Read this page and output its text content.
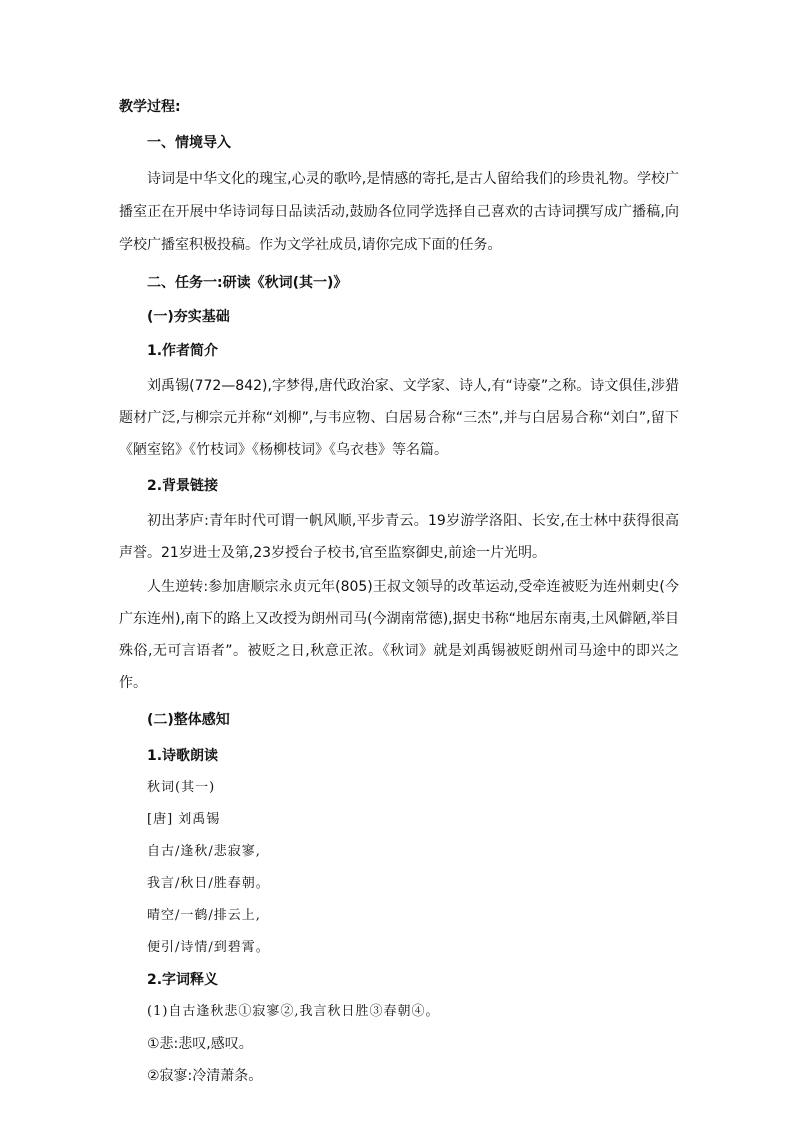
教学过程:

一、情境导入

诗词是中华文化的瑰宝,心灵的歌吟,是情感的寄托,是古人留给我们的珍贵礼物。学校广播室正在开展中华诗词每日品读活动,鼓励各位同学选择自己喜欢的古诗词撰写成广播稿,向学校广播室积极投稿。作为文学社成员,请你完成下面的任务。

二、任务一:研读《秋词(其一)》

(一)夯实基础

1.作者简介

刘禹锡(772—842),字梦得,唐代政治家、文学家、诗人,有“诗豪”之称。诗文俱佳,涉猎题材广泛,与柳宗元并称“刘柳”,与韦应物、白居易合称“三杰”,并与白居易合称“刘白”,留下《陋室铭》《竹枝词》《杨柳枝词》《乌衣巷》等名篇。

2.背景链接

初出茅庐:青年时代可谓一帆风顺,平步青云。19岁游学洛阳、长安,在士林中获得很高声誉。21岁进士及第,23岁授台子校书,官至监察御史,前途一片光明。

人生逆转:参加唐顺宗永贞元年(805)王叔文领导的改革运动,受牵连被贬为连州刺史(今广东连州),南下的路上又改授为朗州司马(今湖南常德),据史书称“地居东南夷,土风僻陋,举目殊俗,无可言语者”。被贬之日,秋意正浓。《秋词》就是刘禹锡被贬朗州司马途中的即兴之作。

(二)整体感知

1.诗歌朗读

秋词(其一)

[唐] 刘禹锡

自古/逢秋/悲寂寥,

我言/秋日/胜春朝。

晴空/一鹤/排云上,

便引/诗情/到碧霄。

2.字词释义

(1)自古逢秋悲①寂寥②,我言秋日胜③春朝④。

①悲:悲叹,感叹。

②寂寥:冷清萧条。
